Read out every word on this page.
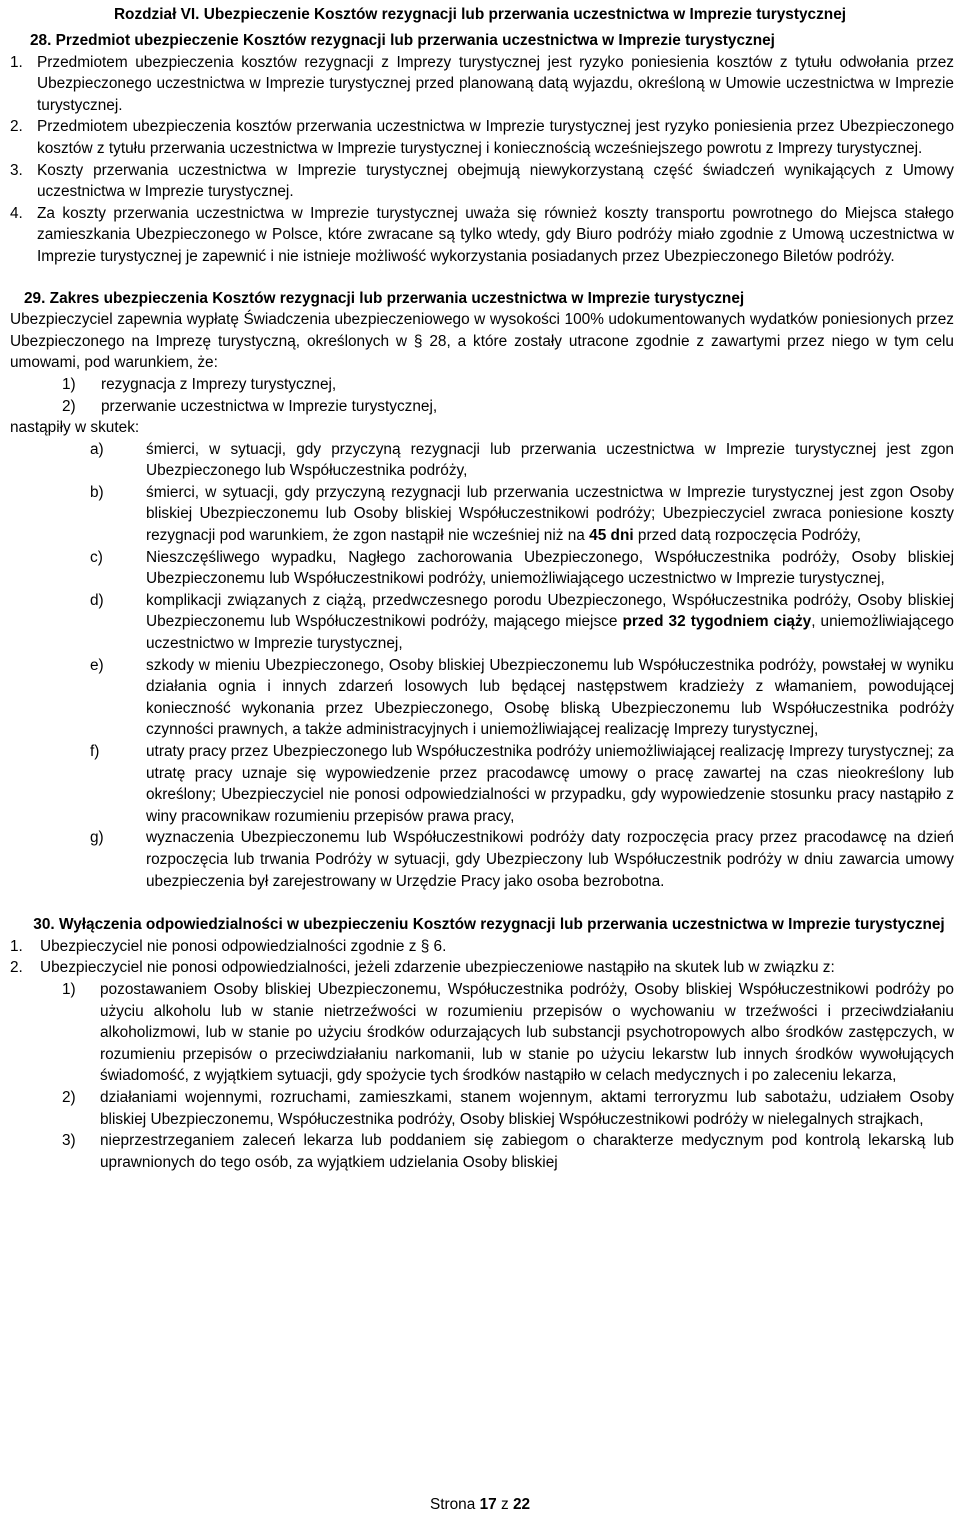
Rozdział VI. Ubezpieczenie Kosztów rezygnacji lub przerwania uczestnictwa w Imprezie turystycznej
28. Przedmiot ubezpieczenie Kosztów rezygnacji lub przerwania uczestnictwa w Imprezie turystycznej
1. Przedmiotem ubezpieczenia kosztów rezygnacji z Imprezy turystycznej jest ryzyko poniesienia kosztów z tytułu odwołania przez Ubezpieczonego uczestnictwa w Imprezie turystycznej przed planowaną datą wyjazdu, określoną w Umowie uczestnictwa w Imprezie turystycznej.
2. Przedmiotem ubezpieczenia kosztów przerwania uczestnictwa w Imprezie turystycznej jest ryzyko poniesienia przez Ubezpieczonego kosztów z tytułu przerwania uczestnictwa w Imprezie turystycznej i koniecznością wcześniejszego powrotu z Imprezy turystycznej.
3. Koszty przerwania uczestnictwa w Imprezie turystycznej obejmują niewykorzystaną część świadczeń wynikających z Umowy uczestnictwa w Imprezie turystycznej.
4. Za koszty przerwania uczestnictwa w Imprezie turystycznej uważa się również koszty transportu powrotnego do Miejsca stałego zamieszkania Ubezpieczonego w Polsce, które zwracane są tylko wtedy, gdy Biuro podróży miało zgodnie z Umową uczestnictwa w Imprezie turystycznej je zapewnić i nie istnieje możliwość wykorzystania posiadanych przez Ubezpieczonego Biletów podróży.
29. Zakres ubezpieczenia Kosztów rezygnacji lub przerwania uczestnictwa w Imprezie turystycznej
Ubezpieczyciel zapewnia wypłatę Świadczenia ubezpieczeniowego w wysokości 100% udokumentowanych wydatków poniesionych przez Ubezpieczonego na Imprezę turystyczną, określonych w § 28, a które zostały utracone zgodnie z zawartymi przez niego w tym celu umowami, pod warunkiem, że:
1)	rezygnacja z Imprezy turystycznej,
2)	przerwanie uczestnictwa w Imprezie turystycznej,
nastąpiły w skutek:
a)	śmierci, w sytuacji, gdy przyczyną rezygnacji lub przerwania uczestnictwa w Imprezie turystycznej jest zgon Ubezpieczonego lub Współuczestnika podróży,
b)	śmierci, w sytuacji, gdy przyczyną rezygnacji lub przerwania uczestnictwa w Imprezie turystycznej jest zgon Osoby bliskiej Ubezpieczonemu lub Osoby bliskiej Współuczestnikowi podróży; Ubezpieczyciel zwraca poniesione koszty rezygnacji pod warunkiem, że zgon nastąpił nie wcześniej niż na 45 dni przed datą rozpoczęcia Podróży,
c)	Nieszczęśliwego wypadku, Nagłego zachorowania Ubezpieczonego, Współuczestnika podróży, Osoby bliskiej Ubezpieczonemu lub Współuczestnikowi podróży, uniemożliwiającego uczestnictwo w Imprezie turystycznej,
d)	komplikacji związanych z ciążą, przedwczesnego porodu Ubezpieczonego, Współuczestnika podróży, Osoby bliskiej Ubezpieczonemu lub Współuczestnikowi podróży, mającego miejsce przed 32 tygodniem ciąży, uniemożliwiającego uczestnictwo w Imprezie turystycznej,
e)	szkody w mieniu Ubezpieczonego, Osoby bliskiej Ubezpieczonemu lub Współuczestnika podróży, powstałej w wyniku działania ognia i innych zdarzeń losowych lub będącej następstwem kradzieży z włamaniem, powodującej konieczność wykonania przez Ubezpieczonego, Osobę bliską Ubezpieczonemu lub Współuczestnika podróży czynności prawnych, a także administracyjnych i uniemożliwiającej realizację Imprezy turystycznej,
f)	utraty pracy przez Ubezpieczonego lub Współuczestnika podróży uniemożliwiającej realizację Imprezy turystycznej; za utratę pracy uznaje się wypowiedzenie przez pracodawcę umowy o pracę zawartej na czas nieokreślony lub określony; Ubezpieczyciel nie ponosi odpowiedzialności w przypadku, gdy wypowiedzenie stosunku pracy nastąpiło z winy pracownikaw rozumieniu przepisów prawa pracy,
g)	wyznaczenia Ubezpieczonemu lub Współuczestnikowi podróży daty rozpoczęcia pracy przez pracodawcę na dzień rozpoczęcia lub trwania Podróży w sytuacji, gdy Ubezpieczony lub Współuczestnik podróży w dniu zawarcia umowy ubezpieczenia był zarejestrowany w Urzędzie Pracy jako osoba bezrobotna.
30. Wyłączenia odpowiedzialności w ubezpieczeniu Kosztów rezygnacji lub przerwania uczestnictwa w Imprezie turystycznej
1.	Ubezpieczyciel nie ponosi odpowiedzialności zgodnie z § 6.
2.	Ubezpieczyciel nie ponosi odpowiedzialności, jeżeli zdarzenie ubezpieczeniowe nastąpiło na skutek lub w związku z:
1)	pozostawaniem Osoby bliskiej Ubezpieczonemu, Współuczestnika podróży, Osoby bliskiej Współuczestnikowi podróży po użyciu alkoholu lub w stanie nietrzeźwości w rozumieniu przepisów o wychowaniu w trzeźwości i przeciwdziałaniu alkoholizmowi, lub w stanie po użyciu środków odurzających lub substancji psychotropowych albo środków zastępczych, w rozumieniu przepisów o przeciwdziałaniu narkomanii, lub w stanie po użyciu lekarstw lub innych środków wywołujących świadomość, z wyjątkiem sytuacji, gdy spożycie tych środków nastąpiło w celach medycznych i po zaleceniu lekarza,
2)	działaniami wojennymi, rozruchami, zamieszkami, stanem wojennym, aktami terroryzmu lub sabotażu, udziałem Osoby bliskiej Ubezpieczonemu, Współuczestnika podróży, Osoby bliskiej Współuczestnikowi podróży w nielegalnych strajkach,
3)	nieprzestrzeganiem zaleceń lekarza lub poddaniem się zabiegom o charakterze medycznym pod kontrolą lekarską lub uprawnionych do tego osób, za wyjątkiem udzielania Osoby bliskiej
Strona 17 z 22
